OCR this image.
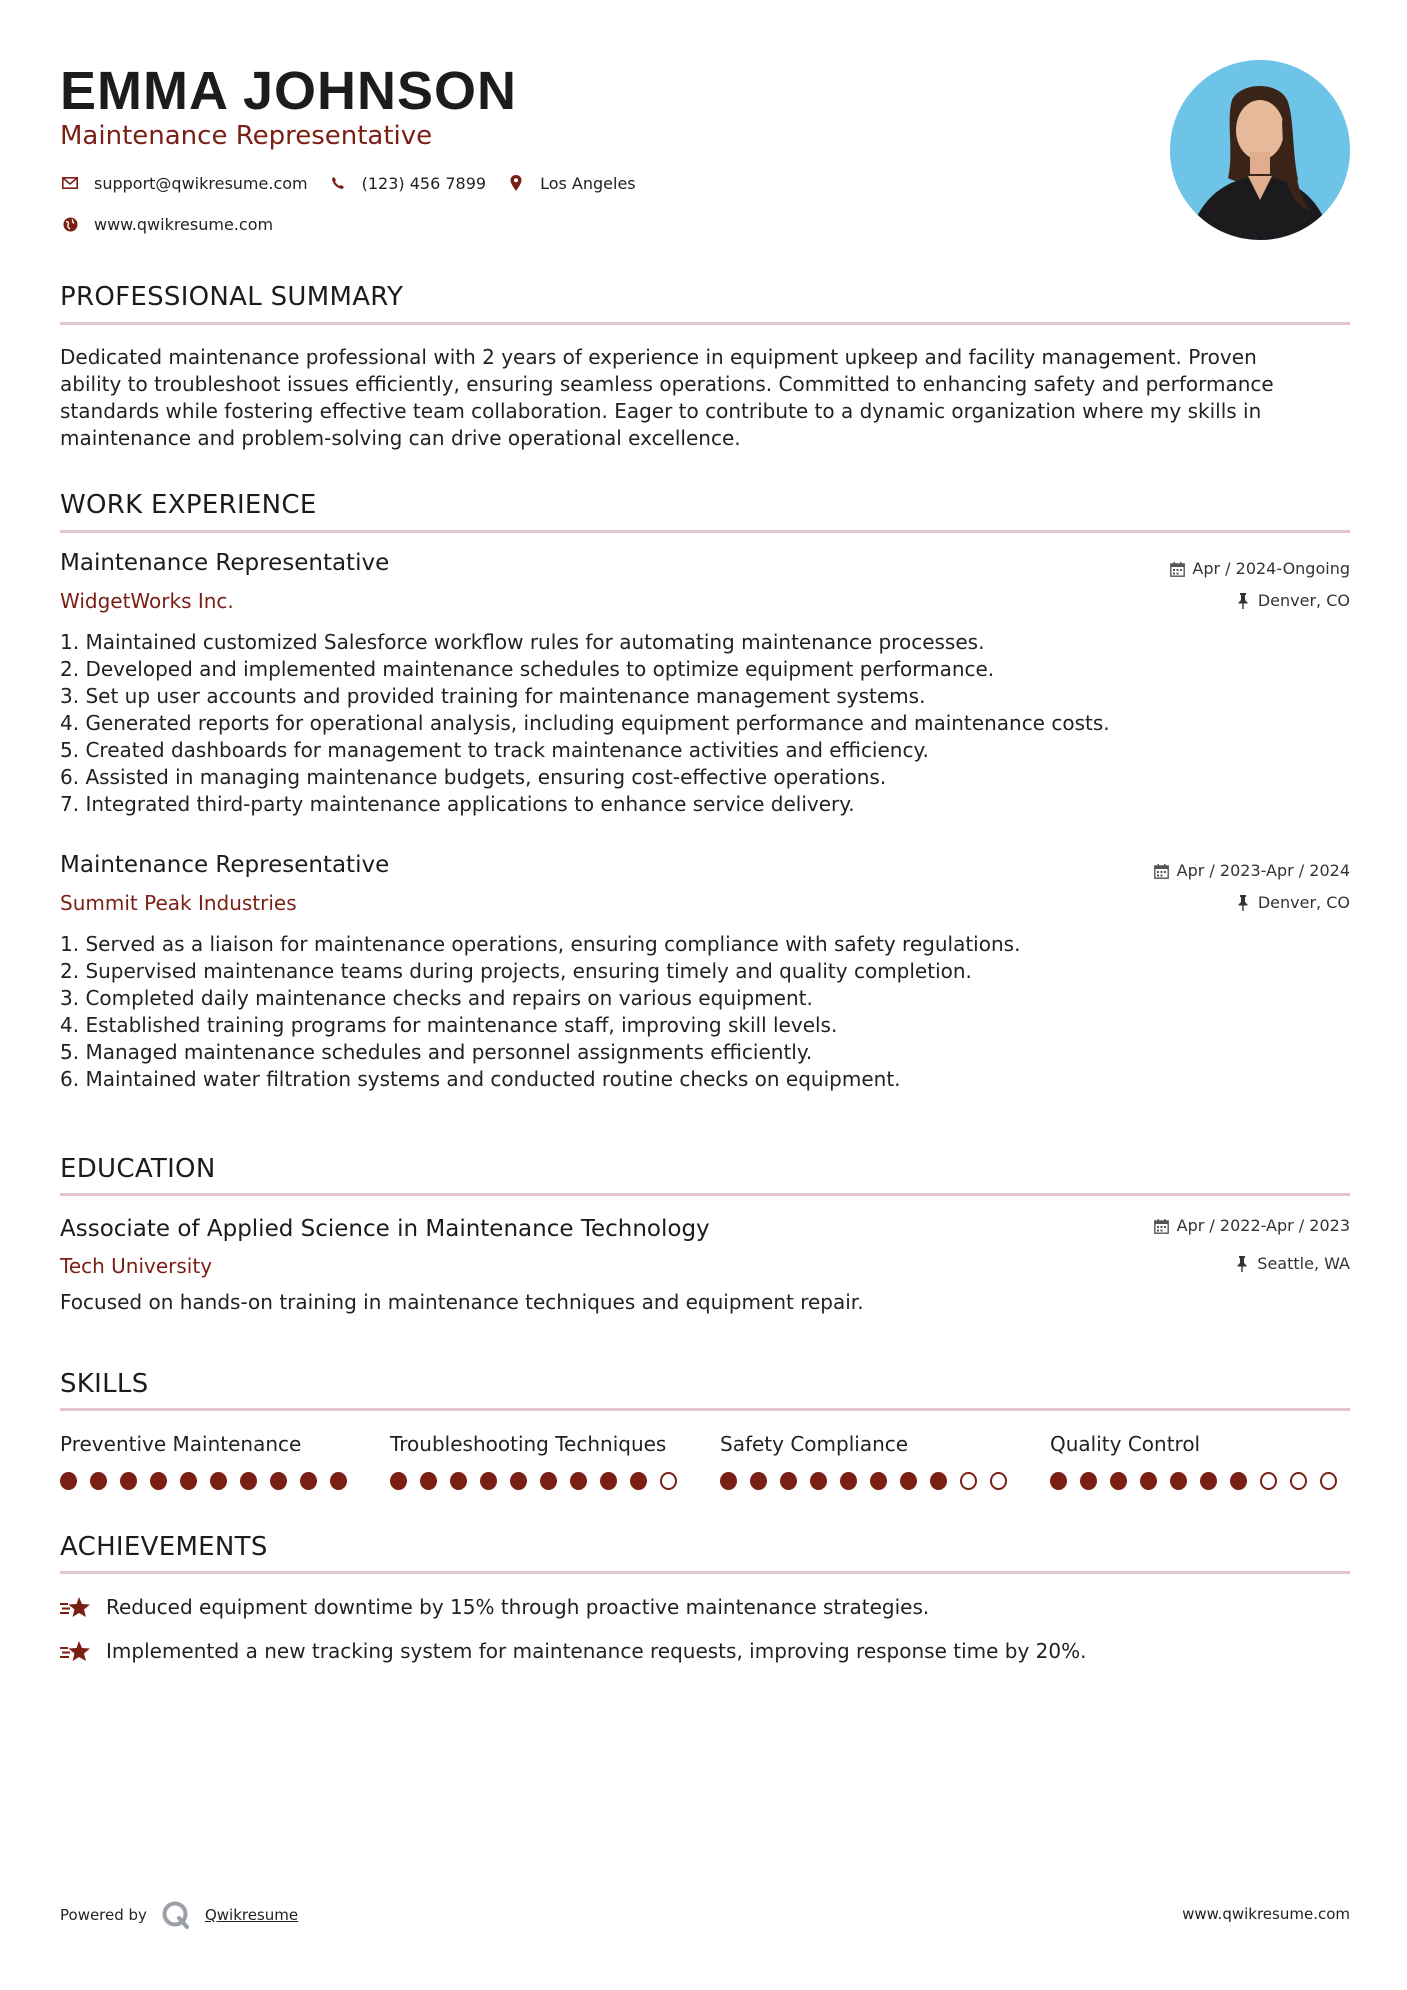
EMMA JOHNSON
Maintenance Representative
support@qwikresume.com	(123) 456 7899	Los Angeles
www.qwikresume.com
PROFESSIONAL SUMMARY
Dedicated maintenance professional with 2 years of experience in equipment upkeep and facility management. Proven
ability to troubleshoot issues efficiently, ensuring seamless operations. Committed to enhancing safety and performance
standards while fostering effective team collaboration. Eager to contribute to a dynamic organization where my skills in
maintenance and problem-solving can drive operational excellence.
WORK EXPERIENCE
Maintenance Representative
WidgetWorks Inc.
Apr / 2024-Ongoing
Denver, CO
1. Maintained customized Salesforce workflow rules for automating maintenance processes.
2. Developed and implemented maintenance schedules to optimize equipment performance.
3. Set up user accounts and provided training for maintenance management systems.
4. Generated reports for operational analysis, including equipment performance and maintenance costs.
5. Created dashboards for management to track maintenance activities and efficiency.
6. Assisted in managing maintenance budgets, ensuring cost-effective operations.
7. Integrated third-party maintenance applications to enhance service delivery.
Maintenance Representative
Summit Peak Industries
Apr / 2023-Apr / 2024
Denver, CO
1. Served as a liaison for maintenance operations, ensuring compliance with safety regulations.
2. Supervised maintenance teams during projects, ensuring timely and quality completion.
3. Completed daily maintenance checks and repairs on various equipment.
4. Established training programs for maintenance staff, improving skill levels.
5. Managed maintenance schedules and personnel assignments efficiently.
6. Maintained water filtration systems and conducted routine checks on equipment.
EDUCATION
Associate of Applied Science in Maintenance Technology
Tech University
Apr / 2022-Apr / 2023
Seattle, WA
Focused on hands-on training in maintenance techniques and equipment repair.
SKILLS
Preventive Maintenance	Troubleshooting Techniques	Safety Compliance	Quality Control
ACHIEVEMENTS
Reduced equipment downtime by 15% through proactive maintenance strategies.
Implemented a new tracking system for maintenance requests, improving response time by 20%.
Powered by	Qwikresume	www.qwikresume.com
